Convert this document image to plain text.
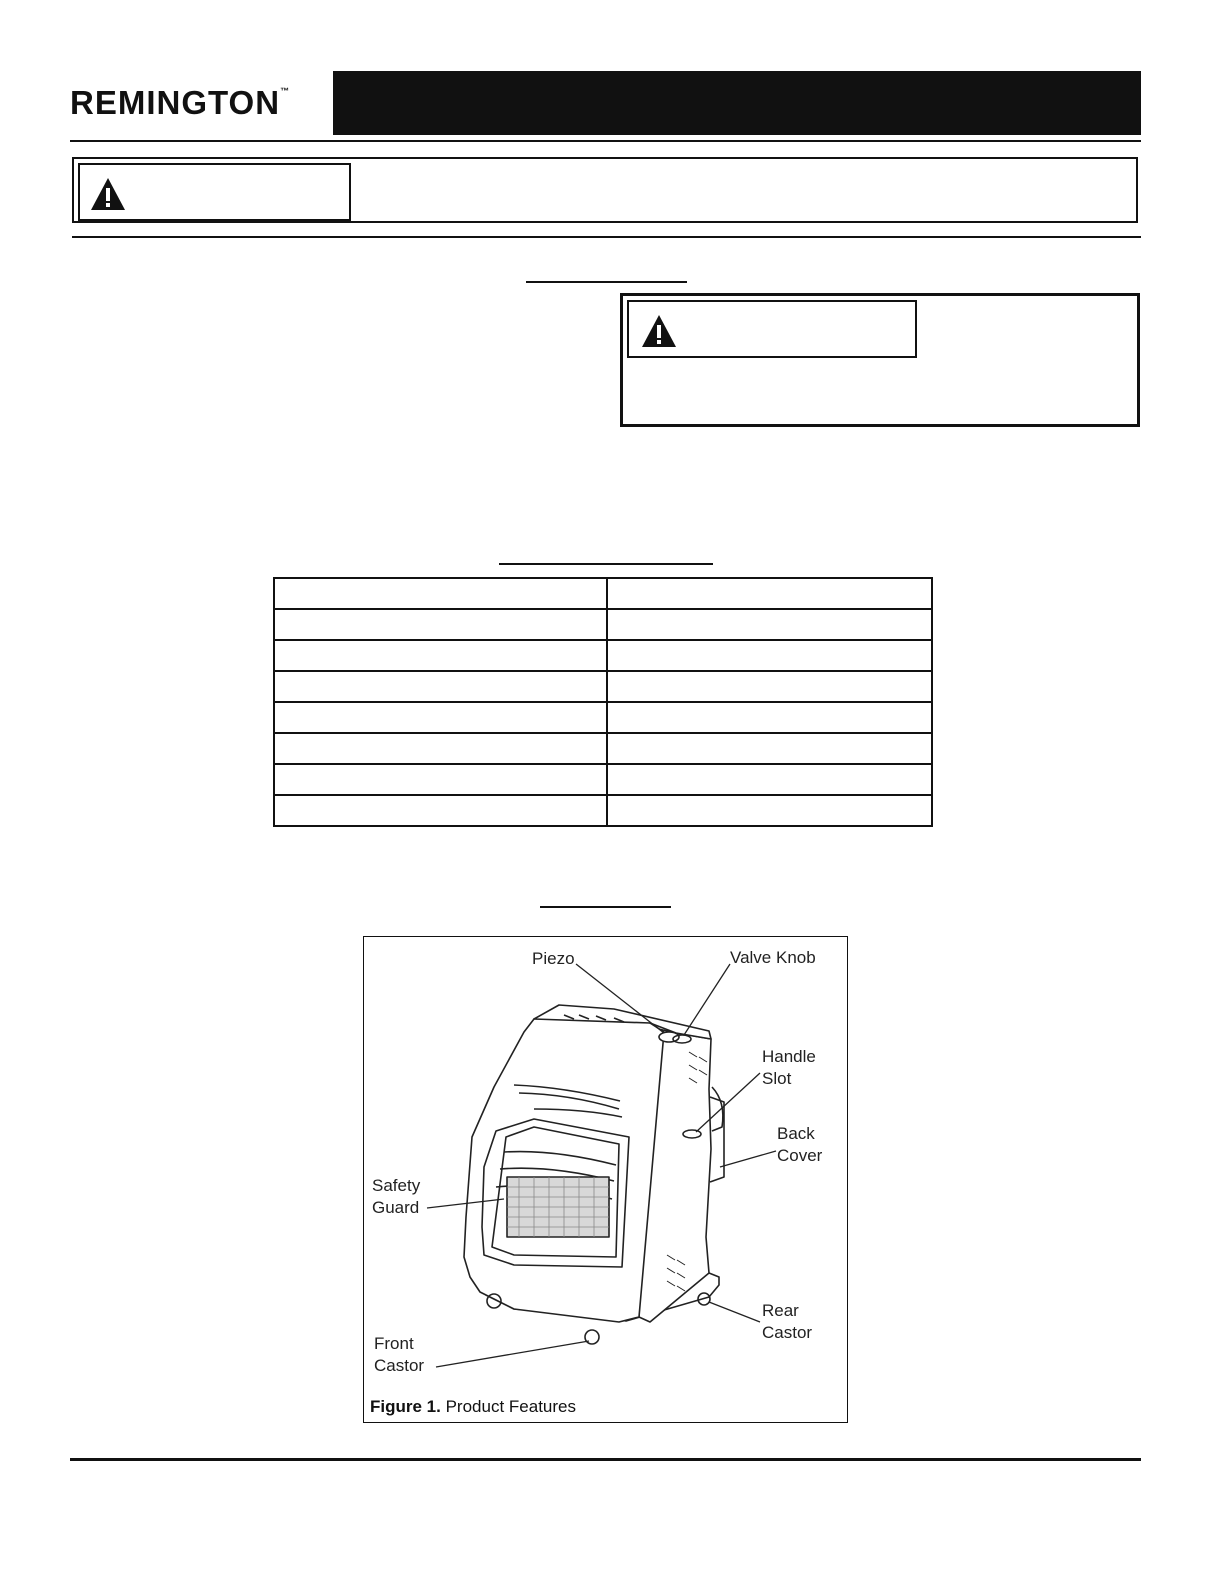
REMINGTON™

Piezo	Valve Knob
Handle
Slot
Back
Cover
Safety
Guard
Front
Castor
Rear
Castor
Figure 1. Product Features
